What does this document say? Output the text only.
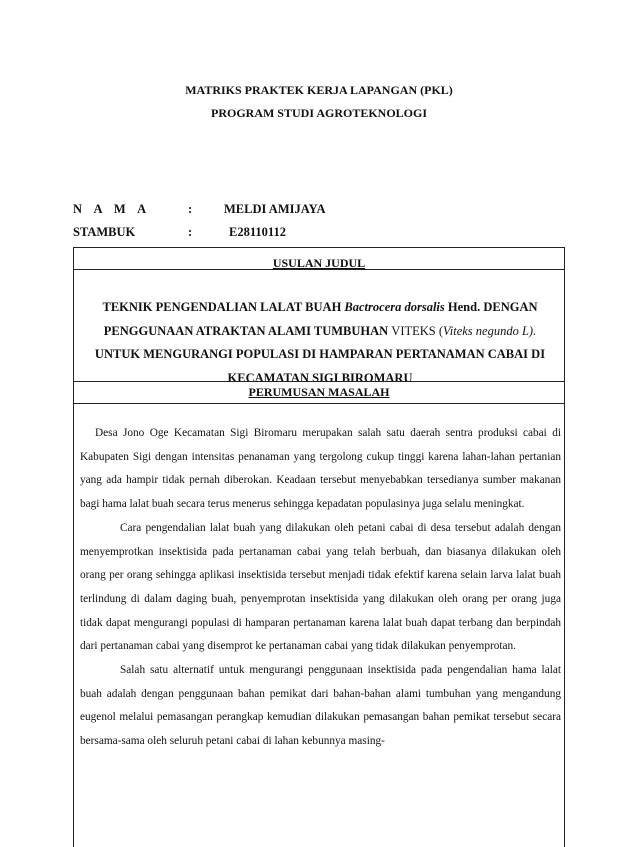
MATRIKS PRAKTEK KERJA LAPANGAN (PKL)
PROGRAM STUDI AGROTEKNOLOGI
N A M A	:	MELDI AMIJAYA
STAMBUK	:	E28110112
USULAN JUDUL
TEKNIK PENGENDALIAN LALAT BUAH Bactrocera dorsalis Hend. DENGAN PENGGUNAAN ATRAKTAN ALAMI TUMBUHAN VITEKS (Viteks negundo L). UNTUK MENGURANGI POPULASI DI HAMPARAN PERTANAMAN CABAI DI KECAMATAN SIGI BIROMARU
PERUMUSAN MASALAH

Desa Jono Oge Kecamatan Sigi Biromaru merupakan salah satu daerah sentra produksi cabai di Kabupaten Sigi dengan intensitas penanaman yang tergolong cukup tinggi karena lahan-lahan pertanian yang ada hampir tidak pernah diberokan. Keadaan tersebut menyebabkan tersedianya sumber makanan bagi hama lalat buah secara terus menerus sehingga kepadatan populasinya juga selalu meningkat.

Cara pengendalian lalat buah yang dilakukan oleh petani cabai di desa tersebut adalah dengan menyemprotkan insektisida pada pertanaman cabai yang telah berbuah, dan biasanya dilakukan oleh orang per orang sehingga aplikasi insektisida tersebut menjadi tidak efektif karena selain larva lalat buah terlindung di dalam daging buah, penyemprotan insektisida yang dilakukan oleh orang per orang juga tidak dapat mengurangi populasi di hamparan pertanaman karena lalat buah dapat terbang dan berpindah dari pertanaman cabai yang disemprot ke pertanaman cabai yang tidak dilakukan penyemprotan.

Salah satu alternatif untuk mengurangi penggunaan insektisida pada pengendalian hama lalat buah adalah dengan penggunaan bahan pemikat dari bahan-bahan alami tumbuhan yang mengandung eugenol melalui pemasangan perangkap kemudian dilakukan pemasangan bahan pemikat tersebut secara bersama-sama oleh seluruh petani cabai di lahan kebunnya masing-
